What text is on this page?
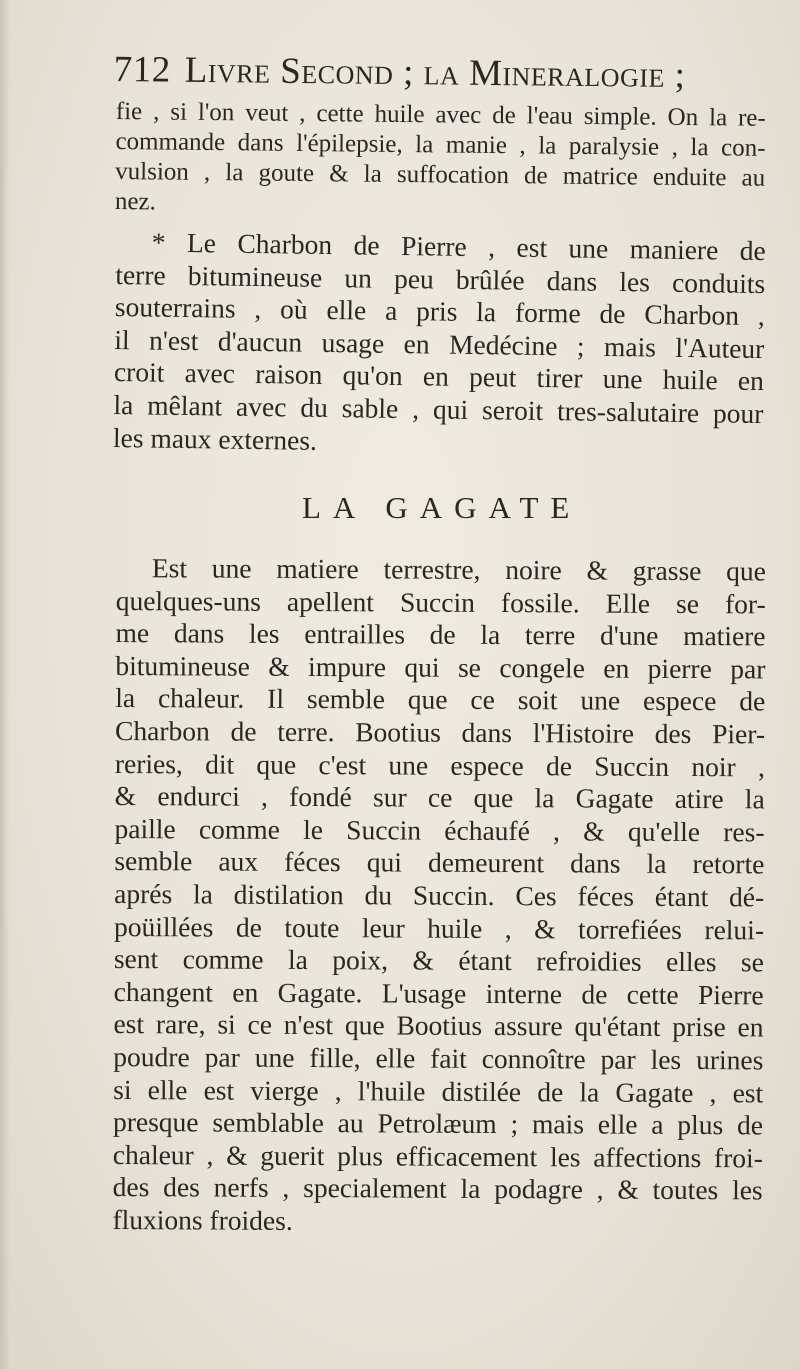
712 Livre Second ; la Mineralogie ;
fie , si l'on veut , cette huile avec de l'eau simple. On la re-
commande dans l'épilepsie, la manie , la paralysie , la con-
vulsion , la goute & la suffocation de matrice enduite au
nez.
* Le Charbon de Pierre , est une maniere de
terre bitumineuse un peu brûlée dans les conduits
souterrains , où elle a pris la forme de Charbon ,
il n'est d'aucun usage en Medécine ; mais l'Auteur
croit avec raison qu'on en peut tirer une huile en
la mêlant avec du sable , qui seroit tres-salutaire pour
les maux externes.
LA GAGATE
Est une matiere terrestre, noire & grasse que
quelques-uns apellent Succin fossile. Elle se for-
me dans les entrailles de la terre d'une matiere
bitumineuse & impure qui se congele en pierre par
la chaleur. Il semble que ce soit une espece de
Charbon de terre. Bootius dans l'Histoire des Pier-
reries, dit que c'est une espece de Succin noir ,
& endurci , fondé sur ce que la Gagate atire la
paille comme le Succin échaufé , & qu'elle res-
semble aux féces qui demeurent dans la retorte
aprés la distilation du Succin. Ces féces étant dé-
poüillées de toute leur huile , & torrefiées relui-
sent comme la poix, & étant refroidies elles se
changent en Gagate. L'usage interne de cette Pierre
est rare, si ce n'est que Bootius assure qu'étant prise en
poudre par une fille, elle fait connoître par les urines
si elle est vierge , l'huile distilée de la Gagate , est
presque semblable au Petrolæum ; mais elle a plus de
chaleur , & guerit plus efficacement les affections froi-
des des nerfs , specialement la podagre , & toutes les
fluxions froides.
